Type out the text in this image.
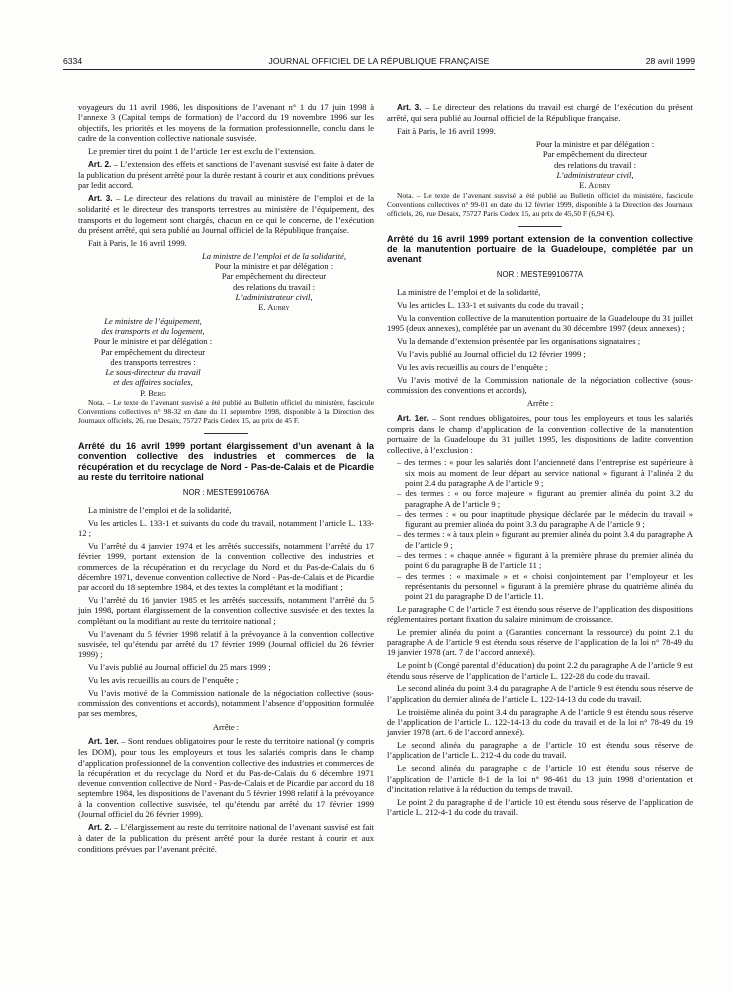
6334	JOURNAL OFFICIEL DE LA RÉPUBLIQUE FRANÇAISE	28 avril 1999

voyageurs du 11 avril 1986, les dispositions de l’avenant n° 1 du 17 juin 1998 à l’annexe 3 (Capital temps de formation) de l’accord du 19 novembre 1996 sur les objectifs, les priorités et les moyens de la formation professionnelle, conclu dans le cadre de la convention collective nationale susvisée.

Le premier tiret du point 1 de l’article 1er est exclu de l’extension.

Art. 2. – L’extension des effets et sanctions de l’avenant susvisé est faite à dater de la publication du présent arrêté pour la durée restant à courir et aux conditions prévues par ledit accord.

Art. 3. – Le directeur des relations du travail au ministère de l’emploi et de la solidarité et le directeur des transports terrestres au ministère de l’équipement, des transports et du logement sont chargés, chacun en ce qui le concerne, de l’exécution du présent arrêté, qui sera publié au Journal officiel de la République française.

Fait à Paris, le 16 avril 1999.

La ministre de l’emploi et de la solidarité,
Pour la ministre et par délégation :
Par empêchement du directeur
des relations du travail :
L’administrateur civil,
E. Aubry
Le ministre de l’équipement,
des transports et du logement,
Pour le ministre et par délégation :
Par empêchement du directeur
des transports terrestres :
Le sous-directeur du travail
et des affaires sociales,
P. Berg

Nota. – Le texte de l’avenant susvisé a été publié au Bulletin officiel du ministère, fascicule Conventions collectives n° 98-32 en date du 11 septembre 1998, disponible à la Direction des Journaux officiels, 26, rue Desaix, 75727 Paris Cedex 15, au prix de 45 F.

Arrêté du 16 avril 1999 portant élargissement d’un avenant à la convention collective des industries et commerces de la récupération et du recyclage de Nord - Pas-de-Calais et de Picardie au reste du territoire national
NOR : MESTE9910676A

La ministre de l’emploi et de la solidarité,

Vu les articles L. 133-1 et suivants du code du travail, notamment l’article L. 133-12 ;

Vu l’arrêté du 4 janvier 1974 et les arrêtés successifs, notamment l’arrêté du 17 février 1999, portant extension de la convention collective des industries et commerces de la récupération et du recyclage du Nord et du Pas-de-Calais du 6 décembre 1971, devenue convention collective de Nord - Pas-de-Calais et de Picardie par accord du 18 septembre 1984, et des textes la complétant et la modifiant ;

Vu l’arrêté du 16 janvier 1985 et les arrêtés successifs, notamment l’arrêté du 5 juin 1998, portant élargissement de la convention collective susvisée et des textes la complétant ou la modifiant au reste du territoire national ;

Vu l’avenant du 5 février 1998 relatif à la prévoyance à la convention collective susvisée, tel qu’étendu par arrêté du 17 février 1999 (Journal officiel du 26 février 1999) ;

Vu l’avis publié au Journal officiel du 25 mars 1999 ;

Vu les avis recueillis au cours de l’enquête ;

Vu l’avis motivé de la Commission nationale de la négociation collective (sous-commission des conventions et accords), notamment l’absence d’opposition formulée par ses membres,

Arrête :

Art. 1er. – Sont rendues obligatoires pour le reste du territoire national (y compris les DOM), pour tous les employeurs et tous les salariés compris dans le champ d’application professionnel de la convention collective des industries et commerces de la récupération et du recyclage du Nord et du Pas-de-Calais du 6 décembre 1971 devenue convention collective de Nord - Pas-de-Calais et de Picardie par accord du 18 septembre 1984, les dispositions de l’avenant du 5 février 1998 relatif à la prévoyance à la convention collective susvisée, tel qu’étendu par arrêté du 17 février 1999 (Journal officiel du 26 février 1999).

Art. 2. – L’élargissement au reste du territoire national de l’avenant susvisé est fait à dater de la publication du présent arrêté pour la durée restant à courir et aux conditions prévues par l’avenant précité.

Art. 3. – Le directeur des relations du travail est chargé de l’exécution du présent arrêté, qui sera publié au Journal officiel de la République française.

Fait à Paris, le 16 avril 1999.

Pour la ministre et par délégation :
Par empêchement du directeur
des relations du travail :
L’administrateur civil,
E. Aubry

Nota. – Le texte de l’avenant susvisé a été publié au Bulletin officiel du ministère, fascicule Conventions collectives n° 99-01 en date du 12 février 1999, disponible à la Direction des Journaux officiels, 26, rue Desaix, 75727 Paris Cedex 15, au prix de 45,50 F (6,94 €).

Arrêté du 16 avril 1999 portant extension de la convention collective de la manutention portuaire de la Guadeloupe, complétée par un avenant
NOR : MESTE9910677A

La ministre de l’emploi et de la solidarité,

Vu les articles L. 133-1 et suivants du code du travail ;

Vu la convention collective de la manutention portuaire de la Guadeloupe du 31 juillet 1995 (deux annexes), complétée par un avenant du 30 décembre 1997 (deux annexes) ;

Vu la demande d’extension présentée par les organisations signataires ;

Vu l’avis publié au Journal officiel du 12 février 1999 ;

Vu les avis recueillis au cours de l’enquête ;

Vu l’avis motivé de la Commission nationale de la négociation collective (sous-commission des conventions et accords),

Arrête :

Art. 1er. – Sont rendues obligatoires, pour tous les employeurs et tous les salariés compris dans le champ d’application de la convention collective de la manutention portuaire de la Guadeloupe du 31 juillet 1995, les dispositions de ladite convention collective, à l’exclusion :

– des termes : « pour les salariés dont l’ancienneté dans l’entreprise est supérieure à six mois au moment de leur départ au service national » figurant à l’alinéa 2 du point 2.4 du paragraphe A de l’article 9 ;
– des termes : « ou force majeure » figurant au premier alinéa du point 3.2 du paragraphe A de l’article 9 ;
– des termes : « ou pour inaptitude physique déclarée par le médecin du travail » figurant au premier alinéa du point 3.3 du paragraphe A de l’article 9 ;
– des termes : « à taux plein » figurant au premier alinéa du point 3.4 du paragraphe A de l’article 9 ;
– des termes : « chaque année » figurant à la première phrase du premier alinéa du point 6 du paragraphe B de l’article 11 ;
– des termes : « maximale » et « choisi conjointement par l’employeur et les représentants du personnel » figurant à la première phrase du quatrième alinéa du point 21 du paragraphe D de l’article 11.

Le paragraphe C de l’article 7 est étendu sous réserve de l’application des dispositions réglementaires portant fixation du salaire minimum de croissance.

Le premier alinéa du point a (Garanties concernant la ressource) du point 2.1 du paragraphe A de l’article 9 est étendu sous réserve de l’application de la loi n° 78-49 du 19 janvier 1978 (art. 7 de l’accord annexé).

Le point b (Congé parental d’éducation) du point 2.2 du paragraphe A de l’article 9 est étendu sous réserve de l’application de l’article L. 122-28 du code du travail.

Le second alinéa du point 3.4 du paragraphe A de l’article 9 est étendu sous réserve de l’application du dernier alinéa de l’article L. 122-14-13 du code du travail.

Le troisième alinéa du point 3.4 du paragraphe A de l’article 9 est étendu sous réserve de l’application de l’article L. 122-14-13 du code du travail et de la loi n° 78-49 du 19 janvier 1978 (art. 6 de l’accord annexé).

Le second alinéa du paragraphe a de l’article 10 est étendu sous réserve de l’application de l’article L. 212-4 du code du travail.

Le second alinéa du paragraphe c de l’article 10 est étendu sous réserve de l’application de l’article 8-1 de la loi n° 98-461 du 13 juin 1998 d’orientation et d’incitation relative à la réduction du temps de travail.

Le point 2 du paragraphe d de l’article 10 est étendu sous réserve de l’application de l’article L. 212-4-1 du code du travail.
